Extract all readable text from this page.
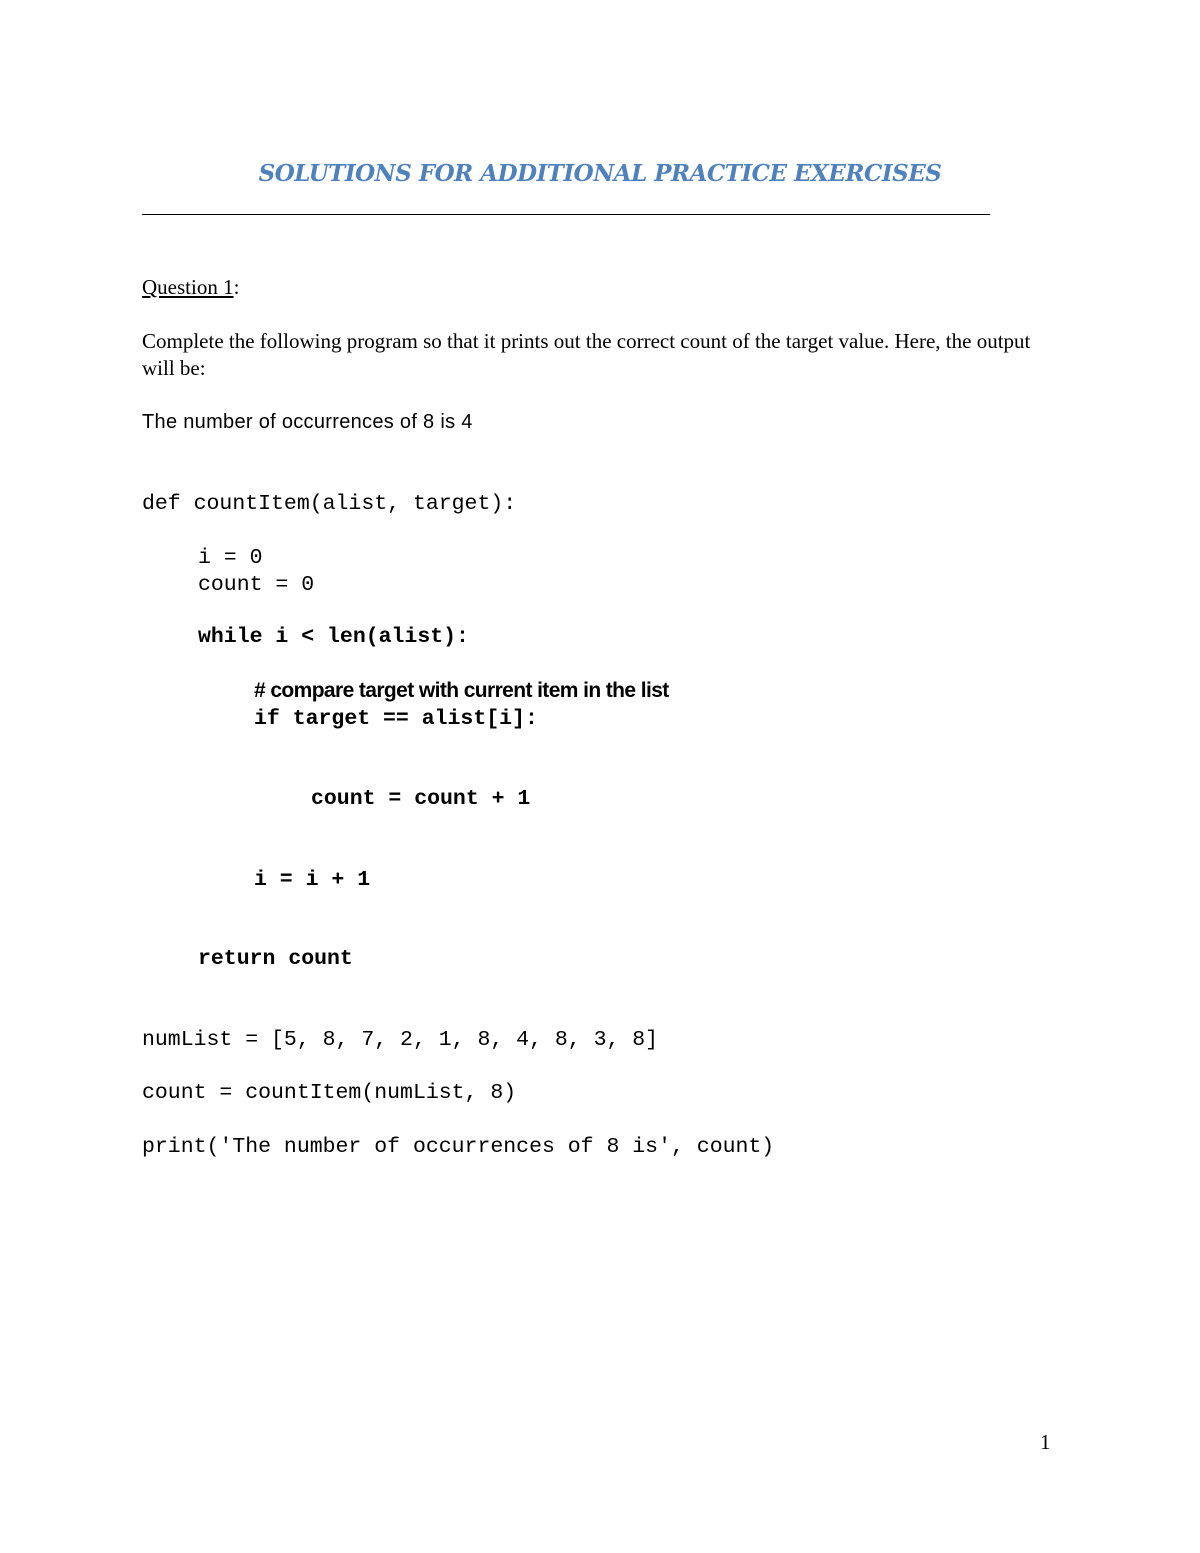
SOLUTIONS FOR ADDITIONAL PRACTICE EXERCISES
Question 1:
Complete the following program so that it prints out the correct count of the target value. Here, the output will be:
The number of occurrences of 8 is 4
def countItem(alist, target):
i = 0
count = 0
while i < len(alist):
# compare target with current item in the list
if target == alist[i]:
count = count + 1
i = i + 1
return count
numList = [5, 8, 7, 2, 1, 8, 4, 8, 3, 8]
count = countItem(numList, 8)
print('The number of occurrences of 8 is', count)
1
